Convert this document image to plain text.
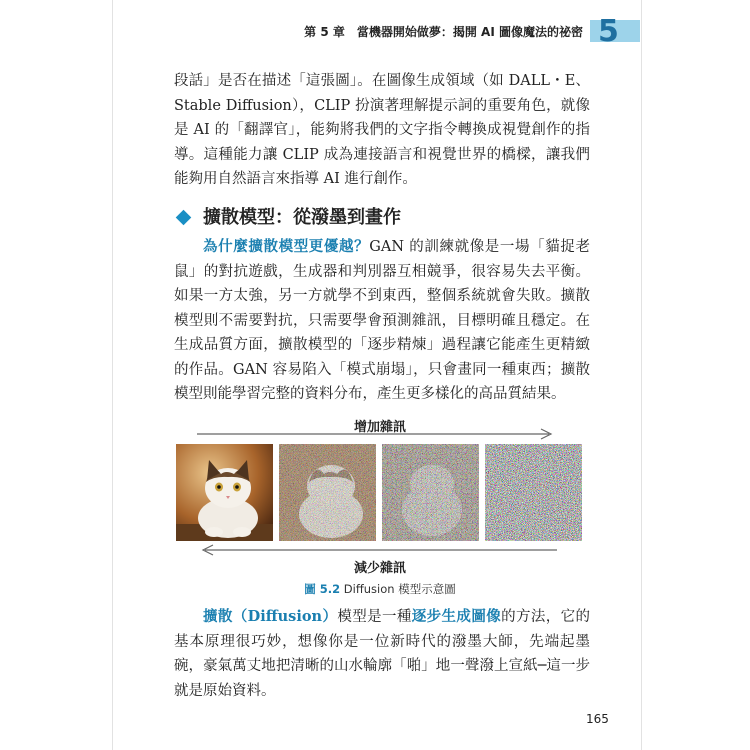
第 5 章　當機器開始做夢：揭開 AI 圖像魔法的祕密 5

段話」是否在描述「這張圖」。在圖像生成領域（如 DALL・E、Stable Diffusion），CLIP 扮演著理解提示詞的重要角色，就像是 AI 的「翻譯官」，能夠將我們的文字指令轉換成視覺創作的指導。這種能力讓 CLIP 成為連接語言和視覺世界的橋樑，讓我們能夠用自然語言來指導 AI 進行創作。

擴散模型：從潑墨到畫作

為什麼擴散模型更優越？GAN 的訓練就像是一場「貓捉老鼠」的對抗遊戲，生成器和判別器互相競爭，很容易失去平衡。如果一方太強，另一方就學不到東西，整個系統就會失敗。擴散模型則不需要對抗，只需要學會預測雜訊，目標明確且穩定。在生成品質方面，擴散模型的「逐步精煉」過程讓它能產生更精緻的作品。GAN 容易陷入「模式崩塌」，只會畫同一種東西；擴散模型則能學習完整的資料分布，產生更多樣化的高品質結果。

增加雜訊
減少雜訊
圖 5.2 Diffusion 模型示意圖

擴散（Diffusion）模型是一種逐步生成圖像的方法，它的基本原理很巧妙，想像你是一位新時代的潑墨大師，先端起墨碗，豪氣萬丈地把清晰的山水輪廓「啪」地一聲潑上宣紙─這一步就是原始資料。

165
